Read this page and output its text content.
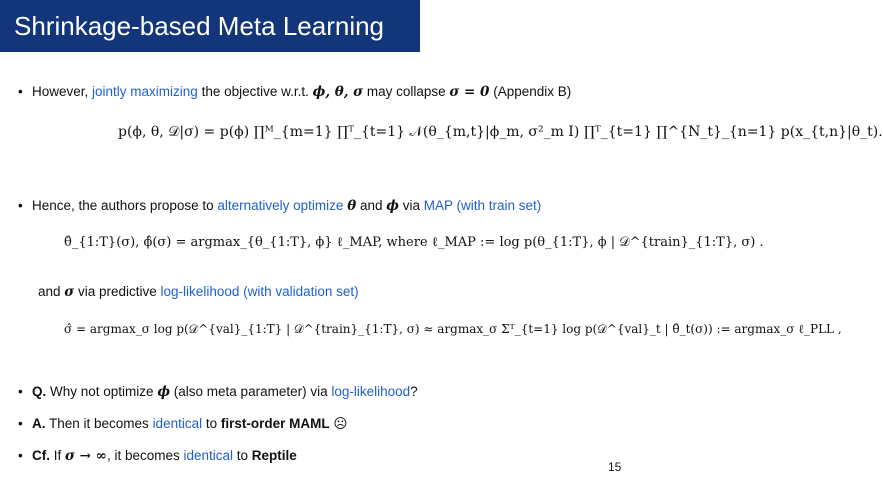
Shrinkage-based Meta Learning
• However, jointly maximizing the objective w.r.t. ϕ, θ, σ may collapse σ = 0 (Appendix B)
p(ϕ, θ, 𝒟|σ) = p(ϕ) ∏ᴹ_{m=1} ∏ᵀ_{t=1} 𝒩(θ_{m,t}|ϕ_m, σ²_m I) ∏ᵀ_{t=1} ∏^{N_t}_{n=1} p(x_{t,n}|θ_t).
• Hence, the authors propose to alternatively optimize θ and ϕ via MAP (with train set)
θ̂_{1:T}(σ), ϕ̂(σ) = argmax_{θ_{1:T}, ϕ} ℓ_MAP, where ℓ_MAP := log p(θ_{1:T}, ϕ | 𝒟^{train}_{1:T}, σ) .
and σ via predictive log-likelihood (with validation set)
σ̂ = argmax_σ log p(𝒟^{val}_{1:T} | 𝒟^{train}_{1:T}, σ) ≈ argmax_σ Σᵀ_{t=1} log p(𝒟^{val}_t | θ̂_t(σ)) := argmax_σ ℓ_PLL ,
• Q. Why not optimize ϕ (also meta parameter) via log-likelihood?
• A. Then it becomes identical to first-order MAML ☹
• Cf. If σ → ∞, it becomes identical to Reptile
15
